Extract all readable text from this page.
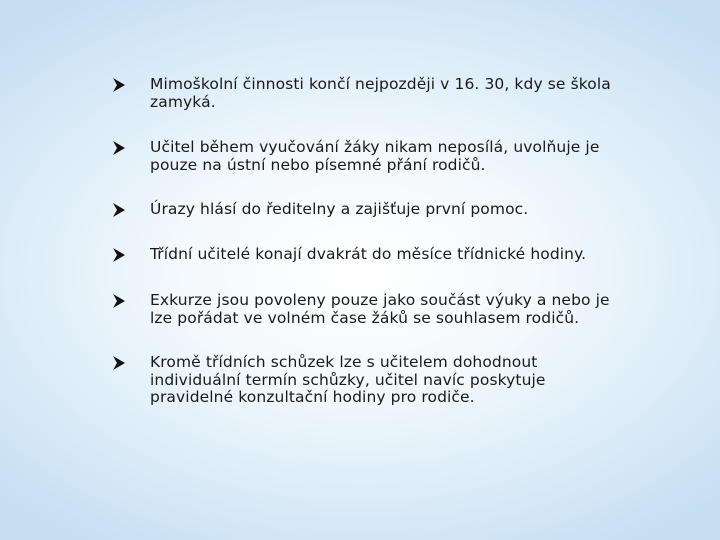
Mimoškolní činnosti končí nejpozději v 16. 30, kdy se škola zamyká.
Učitel během vyučování žáky nikam neposílá, uvolňuje je pouze na ústní nebo písemné přání rodičů.
Úrazy hlásí do ředitelny a zajišťuje první pomoc.
Třídní učitelé konají dvakrát do měsíce třídnické hodiny.
Exkurze jsou povoleny pouze jako součást výuky a nebo je lze pořádat ve volném čase žáků se souhlasem rodičů.
Kromě třídních schůzek lze s učitelem dohodnout individuální termín schůzky, učitel navíc poskytuje pravidelné konzultační hodiny pro rodiče.
